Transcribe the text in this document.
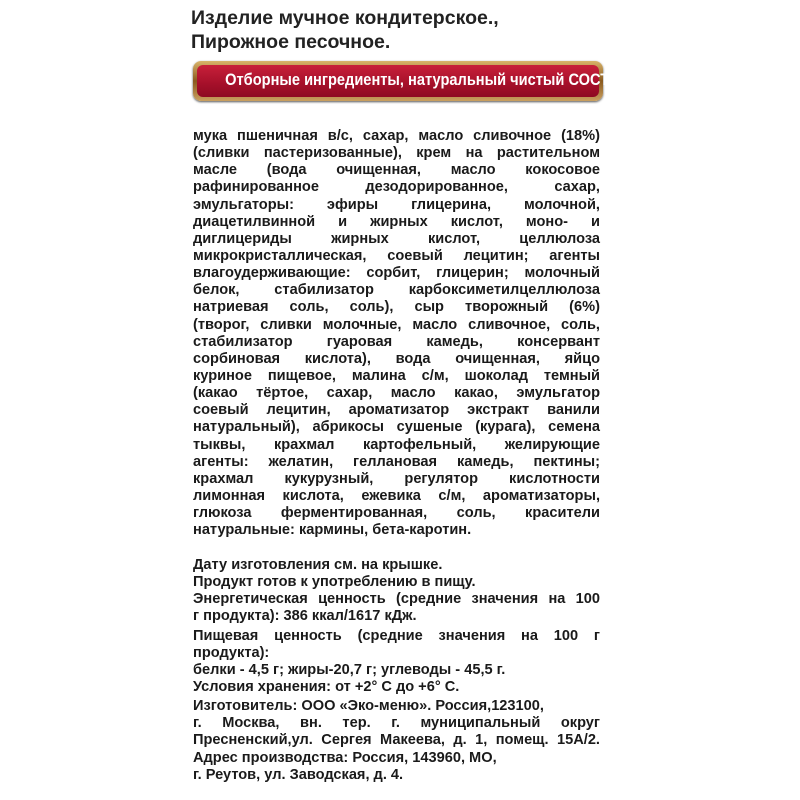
Изделие мучное кондитерское.,
Пирожное песочное.
Отборные ингредиенты, натуральный чистый СОСТАВ:
мука пшеничная в/с, сахар, масло сливочное (18%)
(сливки пастеризованные), крем на растительном
масле (вода очищенная, масло кокосовое
рафинированное дезодорированное, сахар,
эмульгаторы: эфиры глицерина, молочной,
диацетилвинной и жирных кислот, моно- и
диглицериды жирных кислот, целлюлоза
микрокристаллическая, соевый лецитин; агенты
влагоудерживающие: сорбит, глицерин; молочный
белок, стабилизатор карбоксиметилцеллюлоза
натриевая соль, соль), сыр творожный (6%)
(творог, сливки молочные, масло сливочное, соль,
стабилизатор гуаровая камедь, консервант
сорбиновая кислота), вода очищенная, яйцо
куриное пищевое, малина с/м, шоколад темный
(какао тёртое, сахар, масло какао, эмульгатор
соевый лецитин, ароматизатор экстракт ванили
натуральный), абрикосы сушеные (курага), семена
тыквы, крахмал картофельный, желирующие
агенты: желатин, геллановая камедь, пектины;
крахмал кукурузный, регулятор кислотности
лимонная кислота, ежевика с/м, ароматизаторы,
глюкоза ферментированная, соль, красители
натуральные: кармины, бета-каротин.
Дату изготовления см. на крышке.
Продукт готов к употреблению в пищу.
Энергетическая ценность (средние значения на 100
г продукта): 386 ккал/1617 кДж.
Пищевая ценность (средние значения на 100 г
продукта):
белки - 4,5 г; жиры-20,7 г; углеводы - 45,5 г.
Условия хранения: от +2° С до +6° С.
Изготовитель: ООО «Эко-меню». Россия,123100,
г. Москва, вн. тер. г. муниципальный округ
Пресненский,ул. Сергея Макеева, д. 1, помещ. 15А/2.
Адрес производства: Россия, 143960, МО,
г. Реутов, ул. Заводская, д. 4.
